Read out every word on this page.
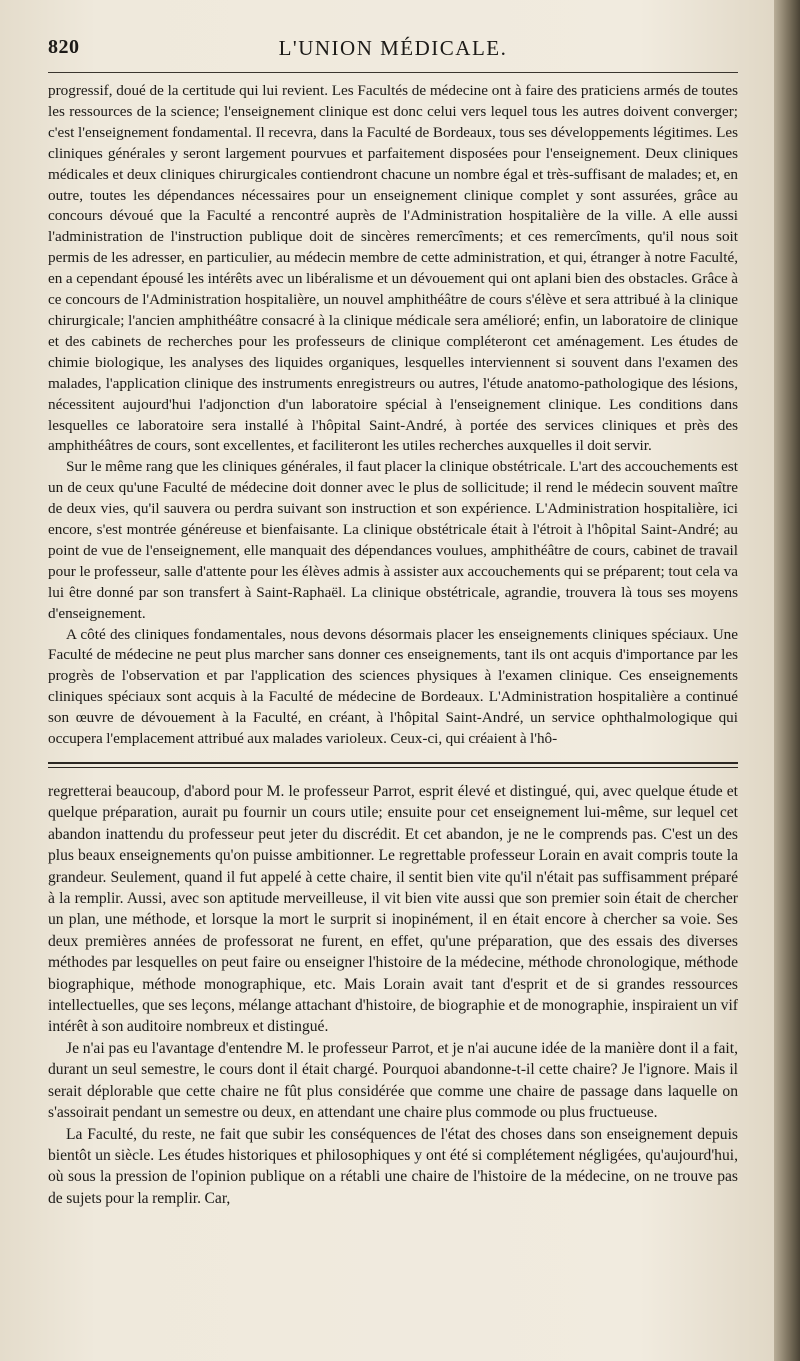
820	L'UNION MÉDICALE.

progressif, doué de la certitude qui lui revient. Les Facultés de médecine ont à faire des praticiens armés de toutes les ressources de la science; l'enseignement clinique est donc celui vers lequel tous les autres doivent converger; c'est l'enseignement fondamental. Il recevra, dans la Faculté de Bordeaux, tous ses développements légitimes. Les cliniques générales y seront largement pourvues et parfaitement disposées pour l'enseignement. Deux cliniques médicales et deux cliniques chirurgicales contiendront chacune un nombre égal et très-suffisant de malades; et, en outre, toutes les dépendances nécessaires pour un enseignement clinique complet y sont assurées, grâce au concours dévoué que la Faculté a rencontré auprès de l'Administration hospitalière de la ville. A elle aussi l'administration de l'instruction publique doit de sincères remercîments; et ces remercîments, qu'il nous soit permis de les adresser, en particulier, au médecin membre de cette administration, et qui, étranger à notre Faculté, en a cependant épousé les intérêts avec un libéralisme et un dévouement qui ont aplani bien des obstacles. Grâce à ce concours de l'Administration hospitalière, un nouvel amphithéâtre de cours s'élève et sera attribué à la clinique chirurgicale; l'ancien amphithéâtre consacré à la clinique médicale sera amélioré; enfin, un laboratoire de clinique et des cabinets de recherches pour les professeurs de clinique compléteront cet aménagement. Les études de chimie biologique, les analyses des liquides organiques, lesquelles interviennent si souvent dans l'examen des malades, l'application clinique des instruments enregistreurs ou autres, l'étude anatomo-pathologique des lésions, nécessitent aujourd'hui l'adjonction d'un laboratoire spécial à l'enseignement clinique. Les conditions dans lesquelles ce laboratoire sera installé à l'hôpital Saint-André, à portée des services cliniques et près des amphithéâtres de cours, sont excellentes, et faciliteront les utiles recherches auxquelles il doit servir.

Sur le même rang que les cliniques générales, il faut placer la clinique obstétricale. L'art des accouchements est un de ceux qu'une Faculté de médecine doit donner avec le plus de sollicitude; il rend le médecin souvent maître de deux vies, qu'il sauvera ou perdra suivant son instruction et son expérience. L'Administration hospitalière, ici encore, s'est montrée généreuse et bienfaisante. La clinique obstétricale était à l'étroit à l'hôpital Saint-André; au point de vue de l'enseignement, elle manquait des dépendances voulues, amphithéâtre de cours, cabinet de travail pour le professeur, salle d'attente pour les élèves admis à assister aux accouchements qui se préparent; tout cela va lui être donné par son transfert à Saint-Raphaël. La clinique obstétricale, agrandie, trouvera là tous ses moyens d'enseignement.

A côté des cliniques fondamentales, nous devons désormais placer les enseignements cliniques spéciaux. Une Faculté de médecine ne peut plus marcher sans donner ces enseignements, tant ils ont acquis d'importance par les progrès de l'observation et par l'application des sciences physiques à l'examen clinique. Ces enseignements cliniques spéciaux sont acquis à la Faculté de médecine de Bordeaux. L'Administration hospitalière a continué son œuvre de dévouement à la Faculté, en créant, à l'hôpital Saint-André, un service ophthalmologique qui occupera l'emplacement attribué aux malades varioleux. Ceux-ci, qui créaient à l'hô-

regretterai beaucoup, d'abord pour M. le professeur Parrot, esprit élevé et distingué, qui, avec quelque étude et quelque préparation, aurait pu fournir un cours utile; ensuite pour cet enseignement lui-même, sur lequel cet abandon inattendu du professeur peut jeter du discrédit. Et cet abandon, je ne le comprends pas. C'est un des plus beaux enseignements qu'on puisse ambitionner. Le regrettable professeur Lorain en avait compris toute la grandeur. Seulement, quand il fut appelé à cette chaire, il sentit bien vite qu'il n'était pas suffisamment préparé à la remplir. Aussi, avec son aptitude merveilleuse, il vit bien vite aussi que son premier soin était de chercher un plan, une méthode, et lorsque la mort le surprit si inopinément, il en était encore à chercher sa voie. Ses deux premières années de professorat ne furent, en effet, qu'une préparation, que des essais des diverses méthodes par lesquelles on peut faire ou enseigner l'histoire de la médecine, méthode chronologique, méthode biographique, méthode monographique, etc. Mais Lorain avait tant d'esprit et de si grandes ressources intellectuelles, que ses leçons, mélange attachant d'histoire, de biographie et de monographie, inspiraient un vif intérêt à son auditoire nombreux et distingué.

Je n'ai pas eu l'avantage d'entendre M. le professeur Parrot, et je n'ai aucune idée de la manière dont il a fait, durant un seul semestre, le cours dont il était chargé. Pourquoi abandonne-t-il cette chaire? Je l'ignore. Mais il serait déplorable que cette chaire ne fût plus considérée que comme une chaire de passage dans laquelle on s'assoirait pendant un semestre ou deux, en attendant une chaire plus commode ou plus fructueuse.

La Faculté, du reste, ne fait que subir les conséquences de l'état des choses dans son enseignement depuis bientôt un siècle. Les études historiques et philosophiques y ont été si complétement négligées, qu'aujourd'hui, où sous la pression de l'opinion publique on a rétabli une chaire de l'histoire de la médecine, on ne trouve pas de sujets pour la remplir. Car,
